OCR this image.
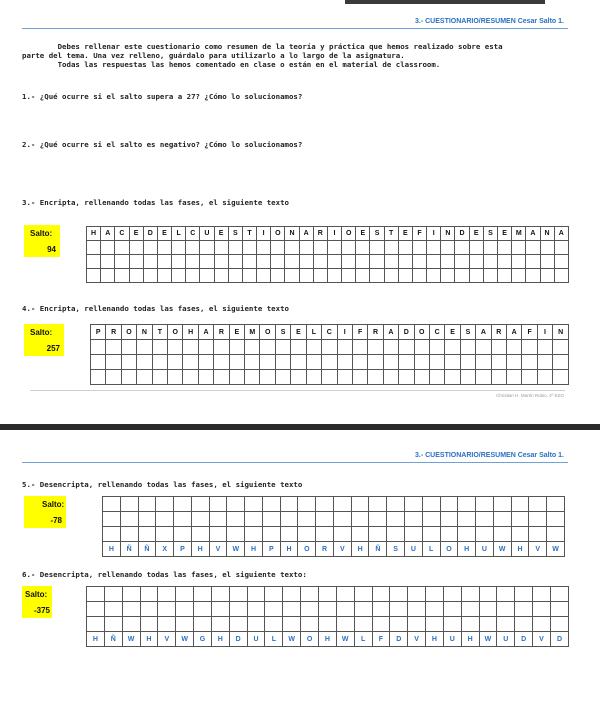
3.- CUESTIONARIO/RESUMEN Cesar Salto 1.
Debes rellenar este cuestionario como resumen de la teoría y práctica que hemos realizado sobre esta
parte del tema. Una vez relleno, guárdalo para utilizarlo a lo largo de la asignatura.
Todas las respuestas las hemos comentado en clase o están en el material de classroom.
1.- ¿Qué ocurre si el salto supera a 27? ¿Cómo lo solucionamos?
2.- ¿Qué ocurre si el salto es negativo? ¿Cómo lo solucionamos?
3.- Encripta, rellenando todas las fases, el siguiente texto
Salto:
94
H	A	C	E	D	E	L	C	U	E	S	T	I	O	N	A	R	I	O	E	S	T	E	F	I	N	D	E	S	E	M	A	N	A

4.- Encripta, rellenando todas las fases, el siguiente texto
Salto:
257
P	R	O	N	T	O	H	A	R	E	M	O	S	E	L	C	I	F	R	A	D	O	C	E	S	A	R	A	F	I	N

Christian H. Martín Rubio. 4º ESO
3.- CUESTIONARIO/RESUMEN Cesar Salto 1.
5.- Desencripta, rellenando todas las fases, el siguiente texto
Salto:
-78

H	Ñ	Ñ	X	P	H	V	W	H	P	H	O	R	V	H	Ñ	S	U	L	O	H	U	W	H	V	W
6.- Desencripta, rellenando todas las fases, el siguiente texto:
Salto:
-375

H	Ñ	W	H	V	W	G	H	D	U	L	W	O	H	W	L	F	D	V	H	U	H	W	U	D	V	D
